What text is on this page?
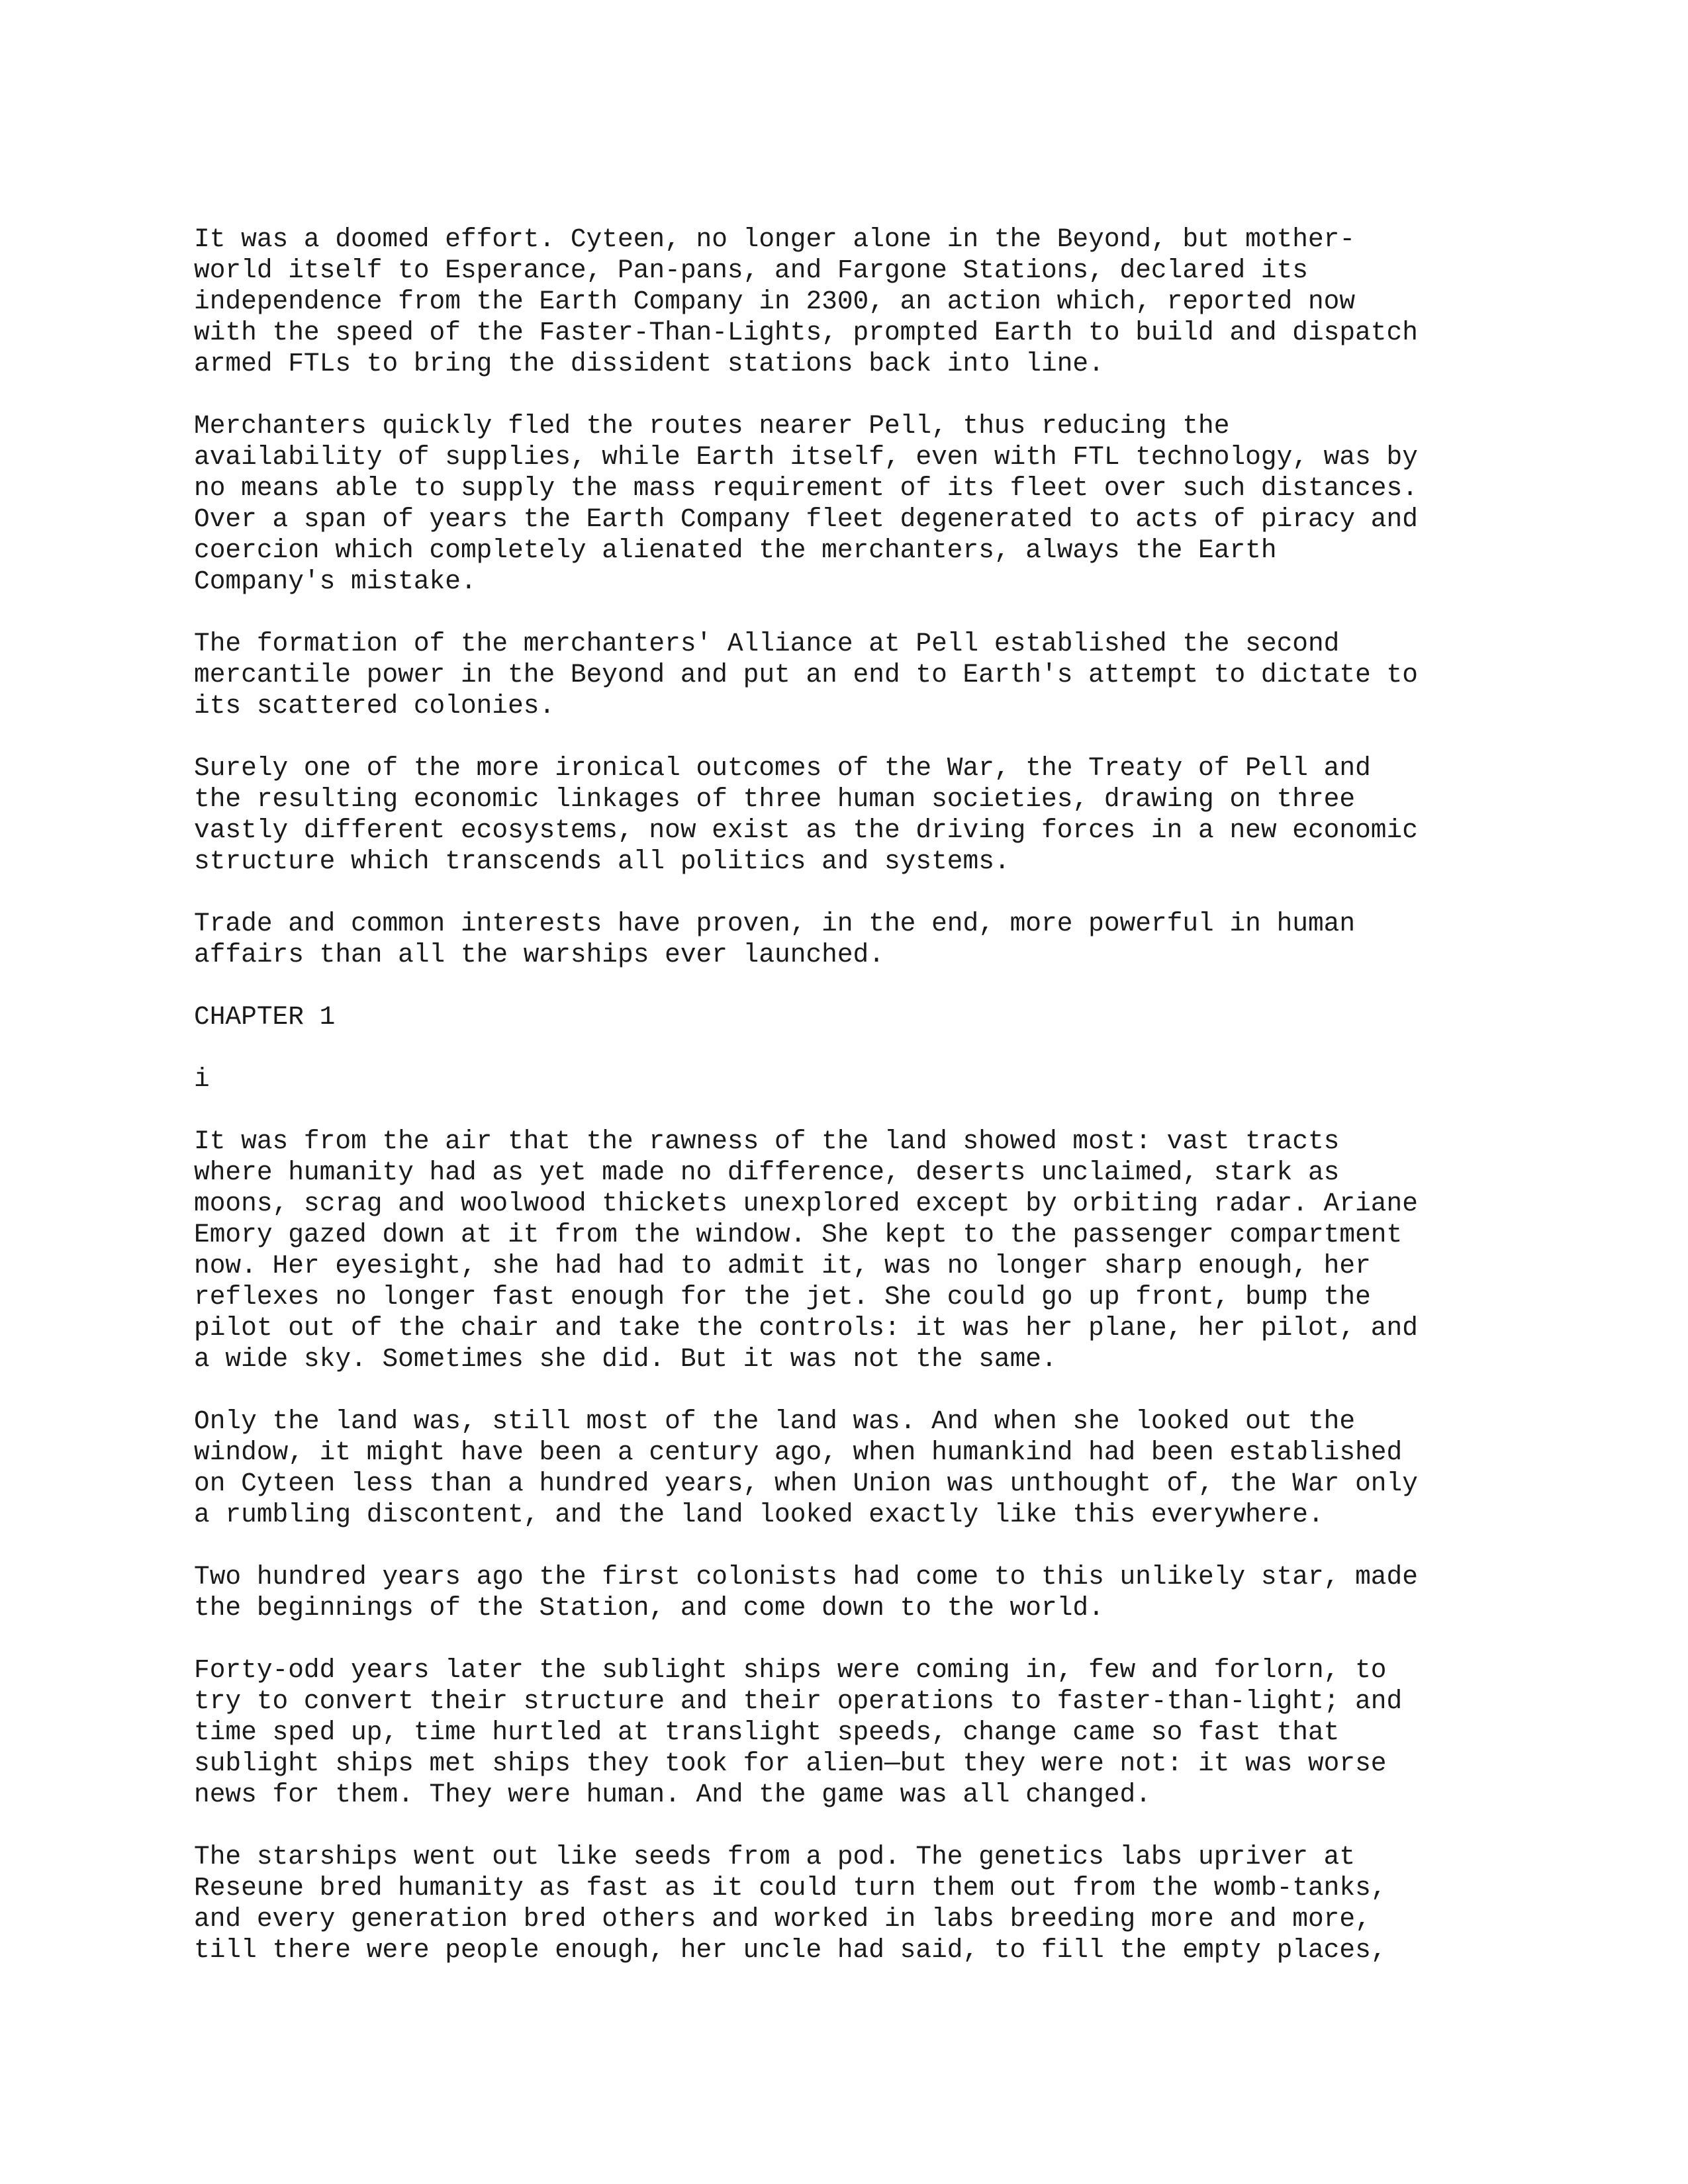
It was a doomed effort. Cyteen, no longer alone in the Beyond, but mother-
world itself to Esperance, Pan-pans, and Fargone Stations, declared its
independence from the Earth Company in 2300, an action which, reported now
with the speed of the Faster-Than-Lights, prompted Earth to build and dispatch
armed FTLs to bring the dissident stations back into line.
Merchanters quickly fled the routes nearer Pell, thus reducing the
availability of supplies, while Earth itself, even with FTL technology, was by
no means able to supply the mass requirement of its fleet over such distances.
Over a span of years the Earth Company fleet degenerated to acts of piracy and
coercion which completely alienated the merchanters, always the Earth
Company's mistake.
The formation of the merchanters' Alliance at Pell established the second
mercantile power in the Beyond and put an end to Earth's attempt to dictate to
its scattered colonies.
Surely one of the more ironical outcomes of the War, the Treaty of Pell and
the resulting economic linkages of three human societies, drawing on three
vastly different ecosystems, now exist as the driving forces in a new economic
structure which transcends all politics and systems.
Trade and common interests have proven, in the end, more powerful in human
affairs than all the warships ever launched.
CHAPTER 1
i
It was from the air that the rawness of the land showed most: vast tracts
where humanity had as yet made no difference, deserts unclaimed, stark as
moons, scrag and woolwood thickets unexplored except by orbiting radar. Ariane
Emory gazed down at it from the window. She kept to the passenger compartment
now. Her eyesight, she had had to admit it, was no longer sharp enough, her
reflexes no longer fast enough for the jet. She could go up front, bump the
pilot out of the chair and take the controls: it was her plane, her pilot, and
a wide sky. Sometimes she did. But it was not the same.
Only the land was, still most of the land was. And when she looked out the
window, it might have been a century ago, when humankind had been established
on Cyteen less than a hundred years, when Union was unthought of, the War only
a rumbling discontent, and the land looked exactly like this everywhere.
Two hundred years ago the first colonists had come to this unlikely star, made
the beginnings of the Station, and come down to the world.
Forty-odd years later the sublight ships were coming in, few and forlorn, to
try to convert their structure and their operations to faster-than-light; and
time sped up, time hurtled at translight speeds, change came so fast that
sublight ships met ships they took for alien—but they were not: it was worse
news for them. They were human. And the game was all changed.
The starships went out like seeds from a pod. The genetics labs upriver at
Reseune bred humanity as fast as it could turn them out from the womb-tanks,
and every generation bred others and worked in labs breeding more and more,
till there were people enough, her uncle had said, to fill the empty places,
